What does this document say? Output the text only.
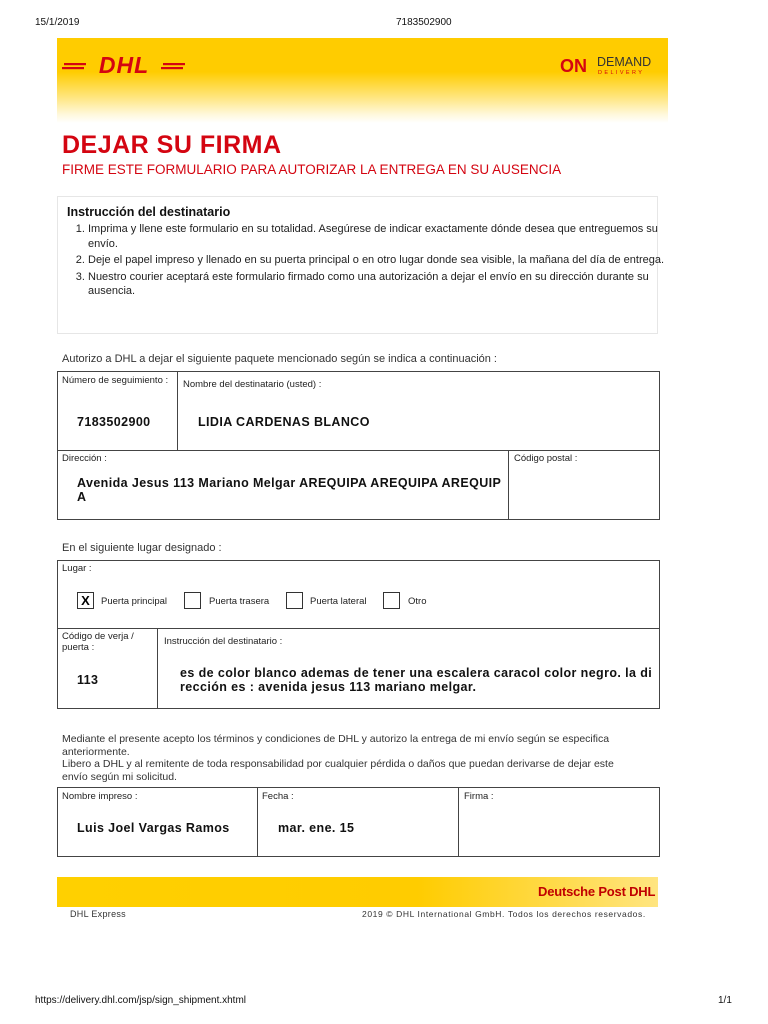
15/1/2019	7183502900
https://delivery.dhl.com/jsp/sign_shipment.xhtml	1/1
DHL	ON DEMAND
DELIVERY
DEJAR SU FIRMA
FIRME ESTE FORMULARIO PARA AUTORIZAR LA ENTREGA EN SU AUSENCIA
Instrucción del destinatario
1. Imprima y llene este formulario en su totalidad. Asegúrese de indicar exactamente dónde desea que entreguemos su envío.
2. Deje el papel impreso y llenado en su puerta principal o en otro lugar donde sea visible, la mañana del día de entrega.
3. Nuestro courier aceptará este formulario firmado como una autorización a dejar el envío en su dirección durante su ausencia.
Autorizo a DHL a dejar el siguiente paquete mencionado según se indica a continuación :
Número de seguimiento :
7183502900
Nombre del destinatario (usted) :
LIDIA CARDENAS BLANCO
Dirección :
Avenida Jesus 113 Mariano Melgar AREQUIPA AREQUIPA AREQUIPA
Código postal :
En el siguiente lugar designado :
Lugar :
X	Puerta principal	Puerta trasera	Puerta lateral	Otro
Código de verja / puerta :
113
Instrucción del destinatario :
es de color blanco ademas de tener una escalera caracol color negro. la dirección es : avenida jesus 113 mariano melgar.
Mediante el presente acepto los términos y condiciones de DHL y autorizo la entrega de mi envío según se especifica anteriormente.
Libero a DHL y al remitente de toda responsabilidad por cualquier pérdida o daños que puedan derivarse de dejar este envío según mi solicitud.
Nombre impreso :
Luis Joel Vargas Ramos
Fecha :
mar. ene. 15
Firma :
Deutsche Post DHL
DHL Express	2019 © DHL International GmbH. Todos los derechos reservados.
